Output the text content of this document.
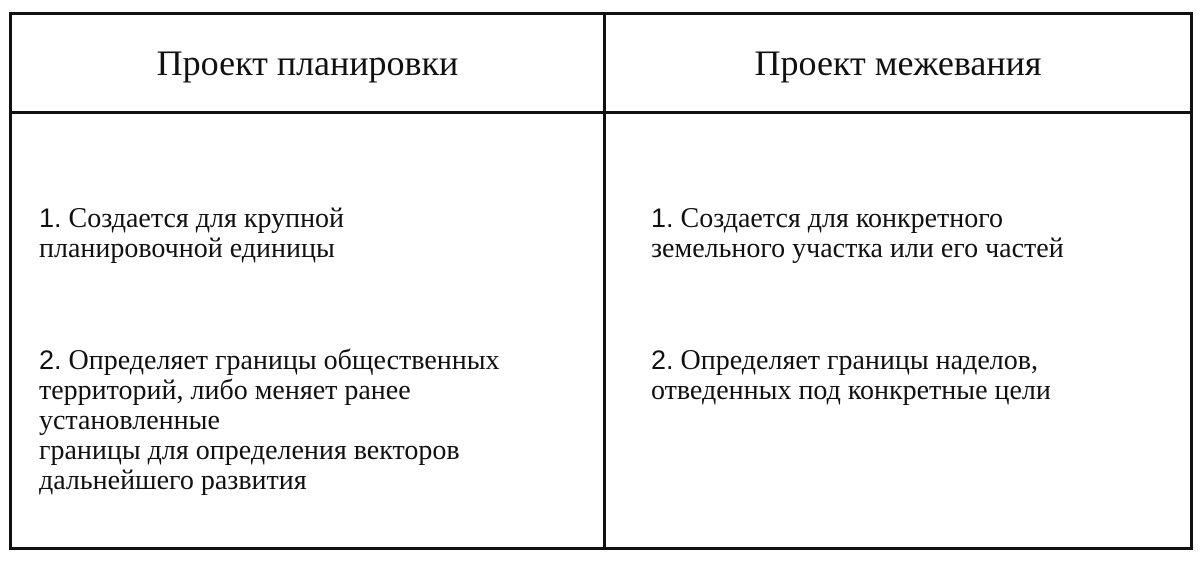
Проект планировки	Проект межевания
1. Создается для крупной
планировочной единицы
2. Определяет границы общественных
территорий, либо меняет ранее
установленные
границы для определения векторов
дальнейшего развития
1. Создается для конкретного
земельного участка или его частей
2. Определяет границы наделов,
отведенных под конкретные цели
